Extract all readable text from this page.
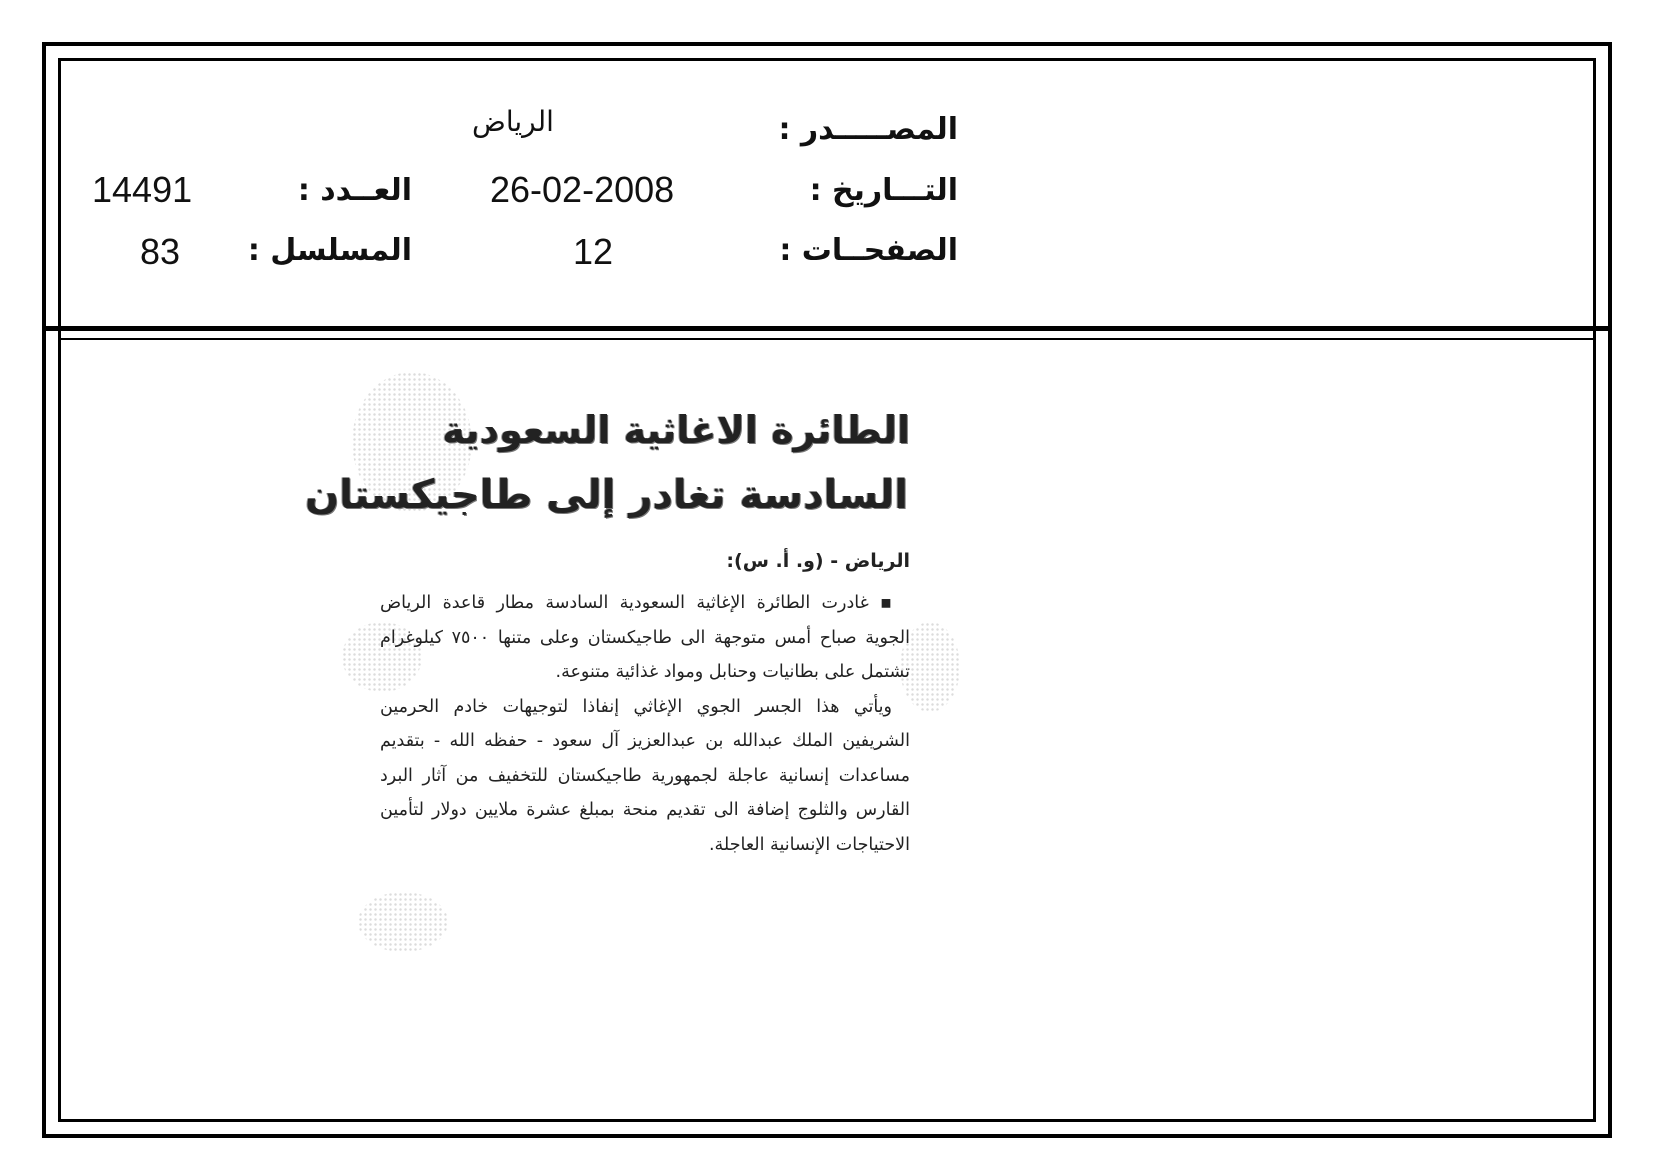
المصـــــدر :
الرياض
التـــاريخ :
26-02-2008
الصفحــات :
12
العــدد :
14491
المسلسل :
83
الطائرة الاغاثية السعودية
السادسة تغادر إلى طاجيكستان
الرياض - (و. أ. س):

▪ غادرت الطائرة الإغاثية السعودية السادسة مطار قاعدة الرياض الجوية صباح أمس متوجهة الى طاجيكستان وعلى متنها ٧٥٠٠ كيلوغرام تشتمل على بطانيات وحنابل ومواد غذائية متنوعة.

ويأتي هذا الجسر الجوي الإغاثي إنفاذا لتوجيهات خادم الحرمين الشريفين الملك عبدالله بن عبدالعزيز آل سعود - حفظه الله - بتقديم مساعدات إنسانية عاجلة لجمهورية طاجيكستان للتخفيف من آثار البرد القارس والثلوج إضافة الى تقديم منحة بمبلغ عشرة ملايين دولار لتأمين الاحتياجات الإنسانية العاجلة.
